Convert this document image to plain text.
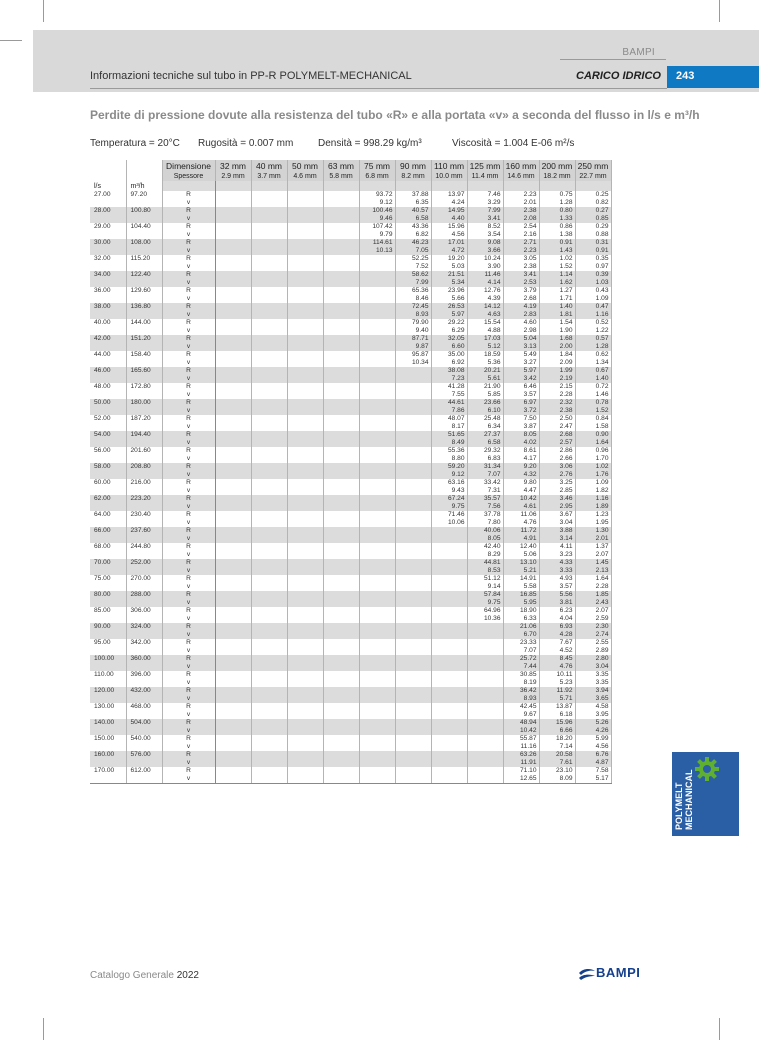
BAMPI
Informazioni tecniche sul tubo in PP-R POLYMELT-MECHANICAL	CARICO IDRICO 243
Perdite di pressione dovute alla resistenza del tubo «R» e alla portata «v» a seconda del flusso in l/s e m³/h
Temperatura = 20°C Rugosità = 0.007 mm Densità = 998.29 kg/m³	Viscosità = 1.004 E-06 m²/s
		Dimensione	32 mm	40 mm	50 mm	63 mm	75 mm	90 mm	110 mm	125 mm	160 mm	200 mm	250 mm
		Spessore	2.9 mm	3.7 mm	4.6 mm	5.8 mm	6.8 mm	8.2 mm	10.0 mm	11.4 mm	14.6 mm	18.2 mm	22.7 mm
l/s	m³/h												
27.00	97.20	R					93.72	37.88	13.97	7.46	2.23	0.75	0.25
		v					9.12	6.35	4.24	3.29	2.01	1.28	0.82
28.00	100.80	R					100.46	40.57	14.95	7.99	2.38	0.80	0.27
		v					9.46	6.58	4.40	3.41	2.08	1.33	0.85
29.00	104.40	R					107.42	43.36	15.96	8.52	2.54	0.86	0.29
		v					9.79	6.82	4.56	3.54	2.16	1.38	0.88
30.00	108.00	R					114.61	46.23	17.01	9.08	2.71	0.91	0.31
		v					10.13	7.05	4.72	3.66	2.23	1.43	0.91
32.00	115.20	R						52.25	19.20	10.24	3.05	1.02	0.35
		v						7.52	5.03	3.90	2.38	1.52	0.97
34.00	122.40	R						58.62	21.51	11.46	3.41	1.14	0.39
		v						7.99	5.34	4.14	2.53	1.62	1.03
36.00	129.60	R						65.36	23.96	12.76	3.79	1.27	0.43
		v						8.46	5.66	4.39	2.68	1.71	1.09
38.00	136.80	R						72.45	26.53	14.12	4.19	1.40	0.47
		v						8.93	5.97	4.63	2.83	1.81	1.16
40.00	144.00	R						79.90	29.22	15.54	4.60	1.54	0.52
		v						9.40	6.29	4.88	2.98	1.90	1.22
42.00	151.20	R						87.71	32.05	17.03	5.04	1.68	0.57
		v						9.87	6.60	5.12	3.13	2.00	1.28
44.00	158.40	R						95.87	35.00	18.59	5.49	1.84	0.62
		v						10.34	6.92	5.36	3.27	2.09	1.34
46.00	165.60	R							38.08	20.21	5.97	1.99	0.67
		v							7.23	5.61	3.42	2.19	1.40
48.00	172.80	R							41.28	21.90	6.46	2.15	0.72
		v							7.55	5.85	3.57	2.28	1.46
50.00	180.00	R							44.61	23.66	6.97	2.32	0.78
		v							7.86	6.10	3.72	2.38	1.52
52.00	187.20	R							48.07	25.48	7.50	2.50	0.84
		v							8.17	6.34	3.87	2.47	1.58
54.00	194.40	R							51.65	27.37	8.05	2.68	0.90
		v							8.49	6.58	4.02	2.57	1.64
56.00	201.60	R							55.36	29.32	8.61	2.86	0.96
		v							8.80	6.83	4.17	2.66	1.70
58.00	208.80	R							59.20	31.34	9.20	3.06	1.02
		v							9.12	7.07	4.32	2.76	1.76
60.00	216.00	R							63.16	33.42	9.80	3.25	1.09
		v							9.43	7.31	4.47	2.85	1.82
62.00	223.20	R							67.24	35.57	10.42	3.46	1.16
		v							9.75	7.56	4.61	2.95	1.89
64.00	230.40	R							71.46	37.78	11.06	3.67	1.23
		v							10.06	7.80	4.76	3.04	1.95
66.00	237.60	R								40.06	11.72	3.88	1.30
		v								8.05	4.91	3.14	2.01
68.00	244.80	R								42.40	12.40	4.11	1.37
		v								8.29	5.06	3.23	2.07
70.00	252.00	R								44.81	13.10	4.33	1.45
		v								8.53	5.21	3.33	2.13
75.00	270.00	R								51.12	14.91	4.93	1.64
		v								9.14	5.58	3.57	2.28
80.00	288.00	R								57.84	16.85	5.56	1.85
		v								9.75	5.95	3.81	2.43
85.00	306.00	R								64.96	18.90	6.23	2.07
		v								10.36	6.33	4.04	2.59
90.00	324.00	R									21.06	6.93	2.30
		v									6.70	4.28	2.74
95.00	342.00	R									23.33	7.67	2.55
		v									7.07	4.52	2.89
100.00	360.00	R									25.72	8.45	2.80
		v									7.44	4.76	3.04
110.00	396.00	R									30.85	10.11	3.35
		v									8.19	5.23	3.35
120.00	432.00	R									36.42	11.92	3.94
		v									8.93	5.71	3.65
130.00	468.00	R									42.45	13.87	4.58
		v									9.67	6.18	3.95
140.00	504.00	R									48.94	15.96	5.26
		v									10.42	6.66	4.26
150.00	540.00	R									55.87	18.20	5.99
		v									11.16	7.14	4.56
160.00	576.00	R									63.26	20.58	6.76
		v									11.91	7.61	4.87
170.00	612.00	R									71.10	23.10	7.58
		v									12.65	8.09	5.17
POLYMELT MECHANICAL
Catalogo Generale 2022	BAMPI
